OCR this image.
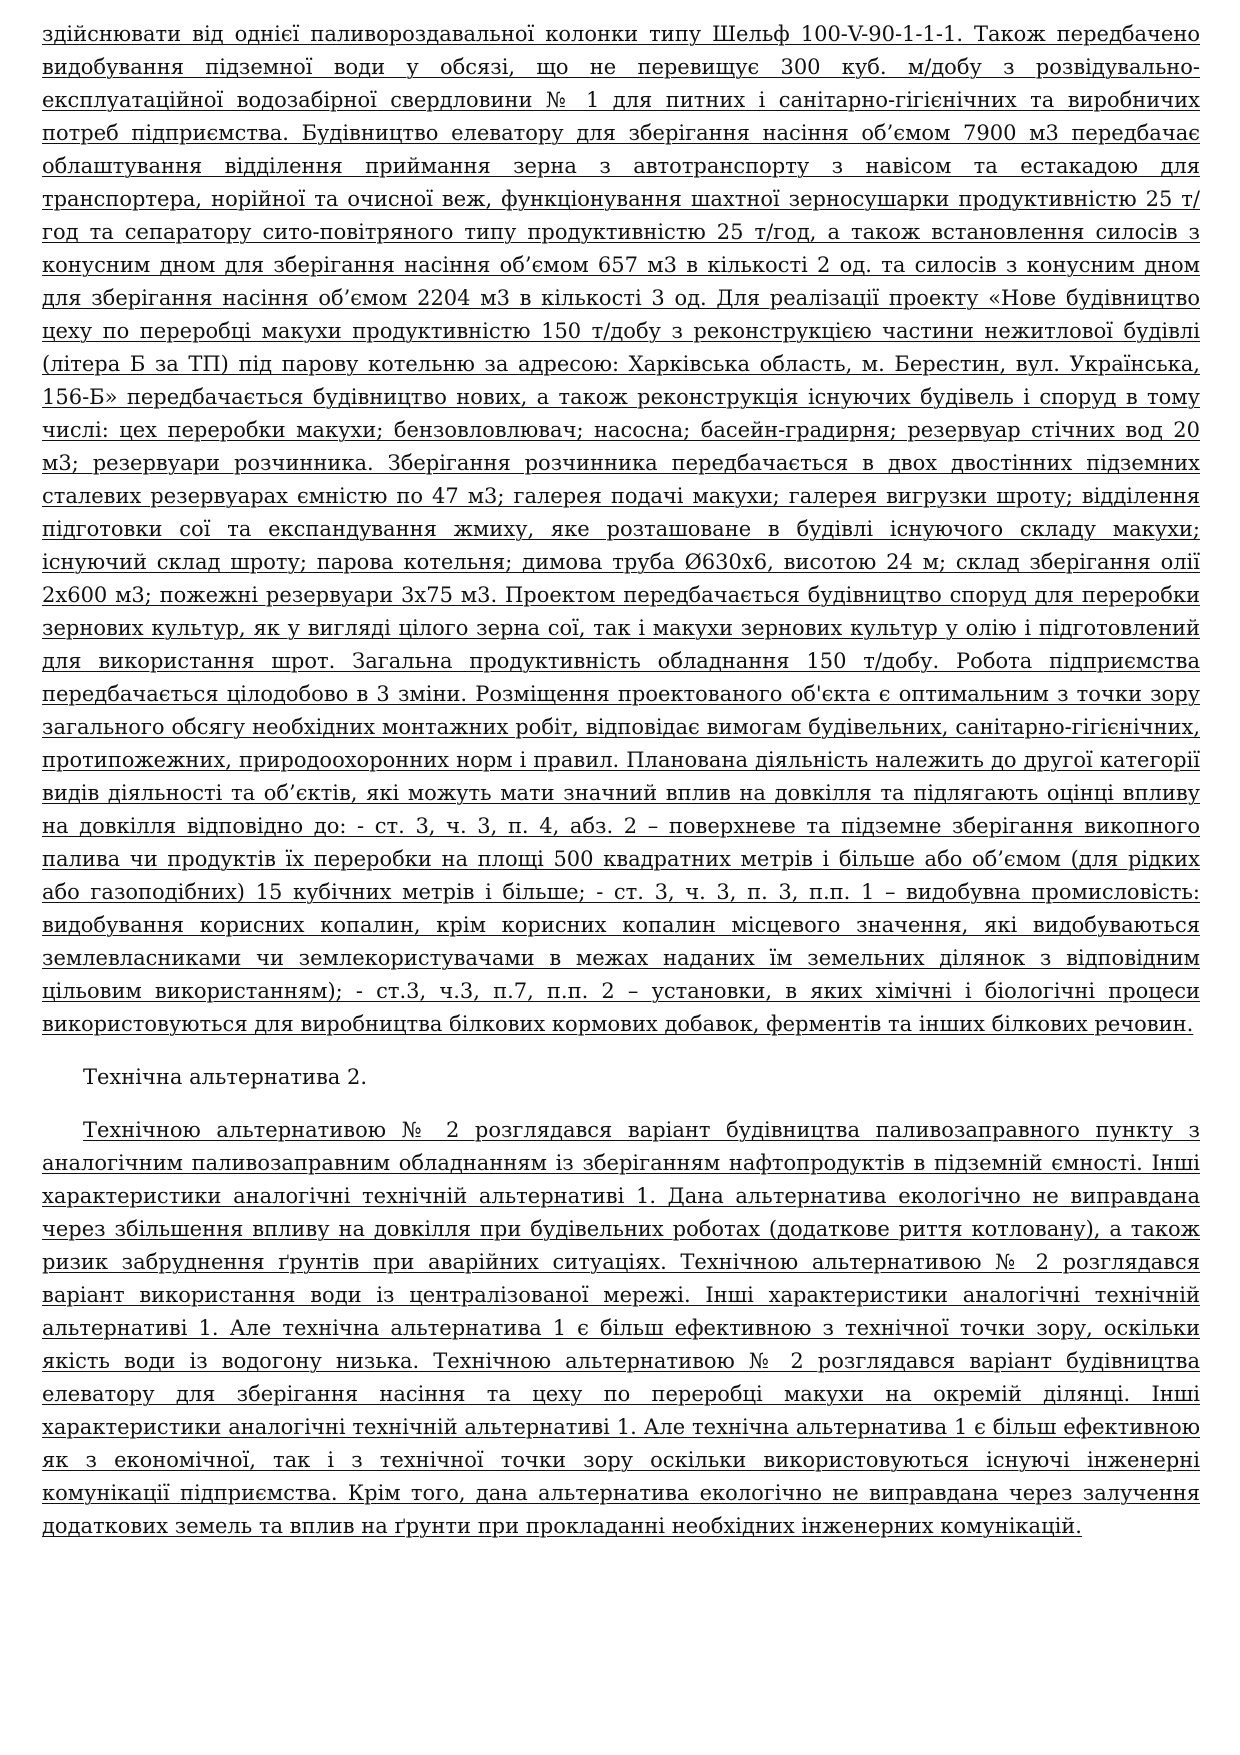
здійснювати від однієї паливороздавальної колонки типу Шельф 100-V-90-1-1-1. Також передбачено видобування підземної води у обсязі, що не перевищує 300 куб. м/добу з розвідувально-експлуатаційної водозабірної свердловини № 1 для питних і санітарно-гігієнічних та виробничих потреб підприємства. Будівництво елеватору для зберігання насіння об’ємом 7900 м3 передбачає облаштування відділення приймання зерна з автотранспорту з навісом та естакадою для транспортера, норійної та очисної веж, функціонування шахтної зерносушарки продуктивністю 25 т/год та сепаратору сито-повітряного типу продуктивністю 25 т/год, а також встановлення силосів з конусним дном для зберігання насіння об’ємом 657 м3 в кількості 2 од. та силосів з конусним дном для зберігання насіння об’ємом 2204 м3 в кількості 3 од. Для реалізації проекту «Нове будівництво цеху по переробці макухи продуктивністю 150 т/добу з реконструкцією частини нежитлової будівлі (літера Б за ТП) під парову котельню за адресою: Харківська область, м. Берестин, вул. Українська, 156-Б» передбачається будівництво нових, а також реконструкція існуючих будівель і споруд в тому числі: цех переробки макухи; бензовловлювач; насосна; басейн-градирня; резервуар стічних вод 20 м3; резервуари розчинника. Зберігання розчинника передбачається в двох двостінних підземних сталевих резервуарах ємністю по 47 м3; галерея подачі макухи; галерея вигрузки шроту; відділення підготовки сої та експандування жмиху, яке розташоване в будівлі існуючого складу макухи; існуючий склад шроту; парова котельня; димова труба Ø630х6, висотою 24 м; склад зберігання олії 2х600 м3; пожежні резервуари 3х75 м3. Проектом передбачається будівництво споруд для переробки зернових культур, як у вигляді цілого зерна сої, так і макухи зернових культур у олію і підготовлений для використання шрот. Загальна продуктивність обладнання 150 т/добу. Робота підприємства передбачається цілодобово в 3 зміни. Розміщення проектованого об'єкта є оптимальним з точки зору загального обсягу необхідних монтажних робіт, відповідає вимогам будівельних, санітарно-гігієнічних, протипожежних, природоохоронних норм і правил. Планована діяльність належить до другої категорії видів діяльності та об’єктів, які можуть мати значний вплив на довкілля та підлягають оцінці впливу на довкілля відповідно до: - ст. 3, ч. 3, п. 4, абз. 2 – поверхневе та підземне зберігання викопного палива чи продуктів їх переробки на площі 500 квадратних метрів і більше або об’ємом (для рідких або газоподібних) 15 кубічних метрів і більше; - ст. 3, ч. 3, п. 3, п.п. 1 – видобувна промисловість: видобування корисних копалин, крім корисних копалин місцевого значення, які видобуваються землевласниками чи землекористувачами в межах наданих їм земельних ділянок з відповідним цільовим використанням); - ст.3, ч.3, п.7, п.п. 2 – установки, в яких хімічні і біологічні процеси використовуються для виробництва білкових кормових добавок, ферментів та інших білкових речовин.

Технічна альтернатива 2.

Технічною альтернативою № 2 розглядався варіант будівництва паливозаправного пункту з аналогічним паливозаправним обладнанням із зберіганням нафтопродуктів в підземній ємності. Інші характеристики аналогічні технічній альтернативі 1. Дана альтернатива екологічно не виправдана через збільшення впливу на довкілля при будівельних роботах (додаткове риття котловану), а також ризик забруднення ґрунтів при аварійних ситуаціях. Технічною альтернативою № 2 розглядався варіант використання води із централізованої мережі. Інші характеристики аналогічні технічній альтернативі 1. Але технічна альтернатива 1 є більш ефективною з технічної точки зору, оскільки якість води із водогону низька. Технічною альтернативою № 2 розглядався варіант будівництва елеватору для зберігання насіння та цеху по переробці макухи на окремій ділянці. Інші характеристики аналогічні технічній альтернативі 1. Але технічна альтернатива 1 є більш ефективною як з економічної, так і з технічної точки зору оскільки використовуються існуючі інженерні комунікації підприємства. Крім того, дана альтернатива екологічно не виправдана через залучення додаткових земель та вплив на ґрунти при прокладанні необхідних інженерних комунікацій.
